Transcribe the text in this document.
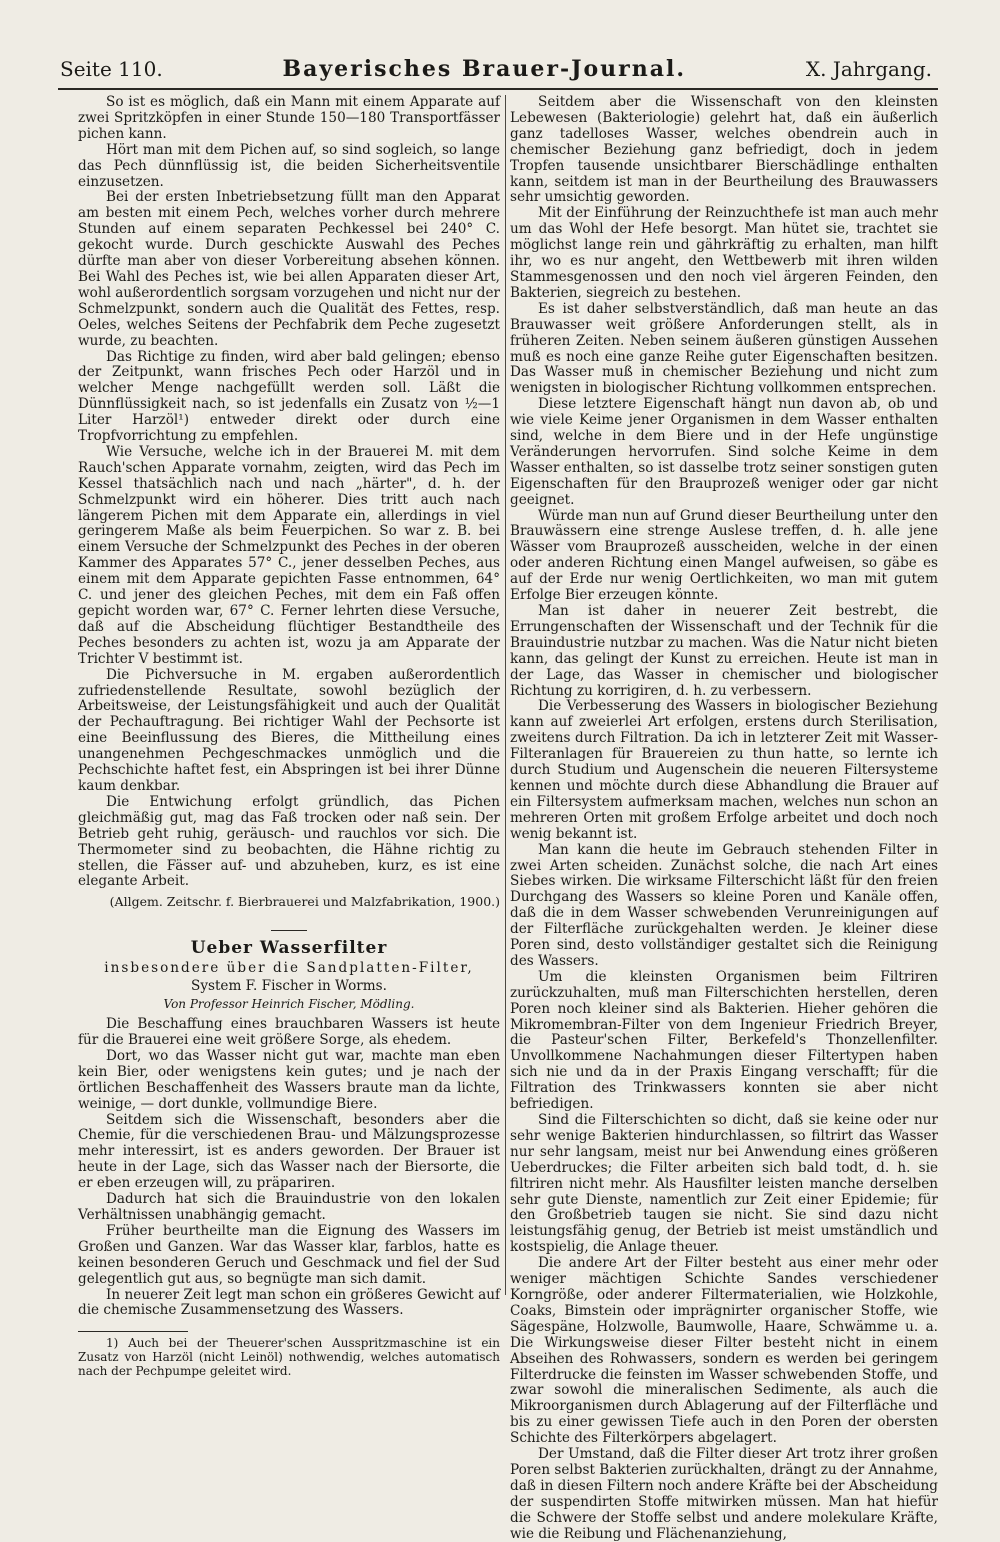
Seite 110.	Bayerisches Brauer-Journal.	X. Jahrgang.

So ist es möglich, daß ein Mann mit einem Apparate auf zwei Spritzköpfen in einer Stunde 150—180 Transportfässer pichen kann.

Hört man mit dem Pichen auf, so sind sogleich, so lange das Pech dünnflüssig ist, die beiden Sicherheitsventile einzusetzen.

Bei der ersten Inbetriebsetzung füllt man den Apparat am besten mit einem Pech, welches vorher durch mehrere Stunden auf einem separaten Pechkessel bei 240° C. gekocht wurde. Durch geschickte Auswahl des Peches dürfte man aber von dieser Vorbereitung absehen können. Bei Wahl des Peches ist, wie bei allen Apparaten dieser Art, wohl außerordentlich sorgsam vorzugehen und nicht nur der Schmelzpunkt, sondern auch die Qualität des Fettes, resp. Oeles, welches Seitens der Pechfabrik dem Peche zugesetzt wurde, zu beachten.

Das Richtige zu finden, wird aber bald gelingen; ebenso der Zeitpunkt, wann frisches Pech oder Harzöl und in welcher Menge nachgefüllt werden soll. Läßt die Dünnflüssigkeit nach, so ist jedenfalls ein Zusatz von ½—1 Liter Harzöl¹) entweder direkt oder durch eine Tropfvorrichtung zu empfehlen.

Wie Versuche, welche ich in der Brauerei M. mit dem Rauch'schen Apparate vornahm, zeigten, wird das Pech im Kessel thatsächlich nach und nach „härter", d. h. der Schmelzpunkt wird ein höherer. Dies tritt auch nach längerem Pichen mit dem Apparate ein, allerdings in viel geringerem Maße als beim Feuerpichen. So war z. B. bei einem Versuche der Schmelzpunkt des Peches in der oberen Kammer des Apparates 57° C., jener desselben Peches, aus einem mit dem Apparate gepichten Fasse entnommen, 64° C. und jener des gleichen Peches, mit dem ein Faß offen gepicht worden war, 67° C. Ferner lehrten diese Versuche, daß auf die Abscheidung flüchtiger Bestandtheile des Peches besonders zu achten ist, wozu ja am Apparate der Trichter V bestimmt ist.

Die Pichversuche in M. ergaben außerordentlich zufriedenstellende Resultate, sowohl bezüglich der Arbeitsweise, der Leistungsfähigkeit und auch der Qualität der Pechauftragung. Bei richtiger Wahl der Pechsorte ist eine Beeinflussung des Bieres, die Mittheilung eines unangenehmen Pechgeschmackes unmöglich und die Pechschichte haftet fest, ein Abspringen ist bei ihrer Dünne kaum denkbar.

Die Entwichung erfolgt gründlich, das Pichen gleichmäßig gut, mag das Faß trocken oder naß sein. Der Betrieb geht ruhig, geräusch- und rauchlos vor sich. Die Thermometer sind zu beobachten, die Hähne richtig zu stellen, die Fässer auf- und abzuheben, kurz, es ist eine elegante Arbeit.

(Allgem. Zeitschr. f. Bierbrauerei und Malzfabrikation, 1900.)
Ueber Wasserfilter
insbesondere über die Sandplatten-Filter,
System F. Fischer in Worms.
Von Professor Heinrich Fischer, Mödling.

Die Beschaffung eines brauchbaren Wassers ist heute für die Brauerei eine weit größere Sorge, als ehedem.

Dort, wo das Wasser nicht gut war, machte man eben kein Bier, oder wenigstens kein gutes; und je nach der örtlichen Beschaffenheit des Wassers braute man da lichte, weinige, — dort dunkle, vollmundige Biere.

Seitdem sich die Wissenschaft, besonders aber die Chemie, für die verschiedenen Brau- und Mälzungsprozesse mehr interessirt, ist es anders geworden. Der Brauer ist heute in der Lage, sich das Wasser nach der Biersorte, die er eben erzeugen will, zu präpariren.

Dadurch hat sich die Brauindustrie von den lokalen Verhältnissen unabhängig gemacht.

Früher beurtheilte man die Eignung des Wassers im Großen und Ganzen. War das Wasser klar, farblos, hatte es keinen besonderen Geruch und Geschmack und fiel der Sud gelegentlich gut aus, so begnügte man sich damit.

In neuerer Zeit legt man schon ein größeres Gewicht auf die chemische Zusammensetzung des Wassers.

1) Auch bei der Theuerer'schen Ausspritzmaschine ist ein Zusatz von Harzöl (nicht Leinöl) nothwendig, welches automatisch nach der Pechpumpe geleitet wird.

Seitdem aber die Wissenschaft von den kleinsten Lebewesen (Bakteriologie) gelehrt hat, daß ein äußerlich ganz tadelloses Wasser, welches obendrein auch in chemischer Beziehung ganz befriedigt, doch in jedem Tropfen tausende unsichtbarer Bierschädlinge enthalten kann, seitdem ist man in der Beurtheilung des Brauwassers sehr umsichtig geworden.

Mit der Einführung der Reinzuchthefe ist man auch mehr um das Wohl der Hefe besorgt. Man hütet sie, trachtet sie möglichst lange rein und gährkräftig zu erhalten, man hilft ihr, wo es nur angeht, den Wettbewerb mit ihren wilden Stammesgenossen und den noch viel ärgeren Feinden, den Bakterien, siegreich zu bestehen.

Es ist daher selbstverständlich, daß man heute an das Brauwasser weit größere Anforderungen stellt, als in früheren Zeiten. Neben seinem äußeren günstigen Aussehen muß es noch eine ganze Reihe guter Eigenschaften besitzen. Das Wasser muß in chemischer Beziehung und nicht zum wenigsten in biologischer Richtung vollkommen entsprechen.

Diese letztere Eigenschaft hängt nun davon ab, ob und wie viele Keime jener Organismen in dem Wasser enthalten sind, welche in dem Biere und in der Hefe ungünstige Veränderungen hervorrufen. Sind solche Keime in dem Wasser enthalten, so ist dasselbe trotz seiner sonstigen guten Eigenschaften für den Brauprozeß weniger oder gar nicht geeignet.

Würde man nun auf Grund dieser Beurtheilung unter den Brauwässern eine strenge Auslese treffen, d. h. alle jene Wässer vom Brauprozeß ausscheiden, welche in der einen oder anderen Richtung einen Mangel aufweisen, so gäbe es auf der Erde nur wenig Oertlichkeiten, wo man mit gutem Erfolge Bier erzeugen könnte.

Man ist daher in neuerer Zeit bestrebt, die Errungenschaften der Wissenschaft und der Technik für die Brauindustrie nutzbar zu machen. Was die Natur nicht bieten kann, das gelingt der Kunst zu erreichen. Heute ist man in der Lage, das Wasser in chemischer und biologischer Richtung zu korrigiren, d. h. zu verbessern.

Die Verbesserung des Wassers in biologischer Beziehung kann auf zweierlei Art erfolgen, erstens durch Sterilisation, zweitens durch Filtration. Da ich in letzterer Zeit mit Wasser-Filteranlagen für Brauereien zu thun hatte, so lernte ich durch Studium und Augenschein die neueren Filtersysteme kennen und möchte durch diese Abhandlung die Brauer auf ein Filtersystem aufmerksam machen, welches nun schon an mehreren Orten mit großem Erfolge arbeitet und doch noch wenig bekannt ist.

Man kann die heute im Gebrauch stehenden Filter in zwei Arten scheiden. Zunächst solche, die nach Art eines Siebes wirken. Die wirksame Filterschicht läßt für den freien Durchgang des Wassers so kleine Poren und Kanäle offen, daß die in dem Wasser schwebenden Verunreinigungen auf der Filterfläche zurückgehalten werden. Je kleiner diese Poren sind, desto vollständiger gestaltet sich die Reinigung des Wassers.

Um die kleinsten Organismen beim Filtriren zurückzuhalten, muß man Filterschichten herstellen, deren Poren noch kleiner sind als Bakterien. Hieher gehören die Mikromembran-Filter von dem Ingenieur Friedrich Breyer, die Pasteur'schen Filter, Berkefeld's Thonzellenfilter. Unvollkommene Nachahmungen dieser Filtertypen haben sich nie und da in der Praxis Eingang verschafft; für die Filtration des Trinkwassers konnten sie aber nicht befriedigen.

Sind die Filterschichten so dicht, daß sie keine oder nur sehr wenige Bakterien hindurchlassen, so filtrirt das Wasser nur sehr langsam, meist nur bei Anwendung eines größeren Ueberdruckes; die Filter arbeiten sich bald todt, d. h. sie filtriren nicht mehr. Als Hausfilter leisten manche derselben sehr gute Dienste, namentlich zur Zeit einer Epidemie; für den Großbetrieb taugen sie nicht. Sie sind dazu nicht leistungsfähig genug, der Betrieb ist meist umständlich und kostspielig, die Anlage theuer.

Die andere Art der Filter besteht aus einer mehr oder weniger mächtigen Schichte Sandes verschiedener Korngröße, oder anderer Filtermaterialien, wie Holzkohle, Coaks, Bimstein oder imprägnirter organischer Stoffe, wie Sägespäne, Holzwolle, Baumwolle, Haare, Schwämme u. a. Die Wirkungsweise dieser Filter besteht nicht in einem Abseihen des Rohwassers, sondern es werden bei geringem Filterdrucke die feinsten im Wasser schwebenden Stoffe, und zwar sowohl die mineralischen Sedimente, als auch die Mikroorganismen durch Ablagerung auf der Filterfläche und bis zu einer gewissen Tiefe auch in den Poren der obersten Schichte des Filterkörpers abgelagert.

Der Umstand, daß die Filter dieser Art trotz ihrer großen Poren selbst Bakterien zurückhalten, drängt zu der Annahme, daß in diesen Filtern noch andere Kräfte bei der Abscheidung der suspendirten Stoffe mitwirken müssen. Man hat hiefür die Schwere der Stoffe selbst und andere molekulare Kräfte, wie die Reibung und Flächenanziehung,
